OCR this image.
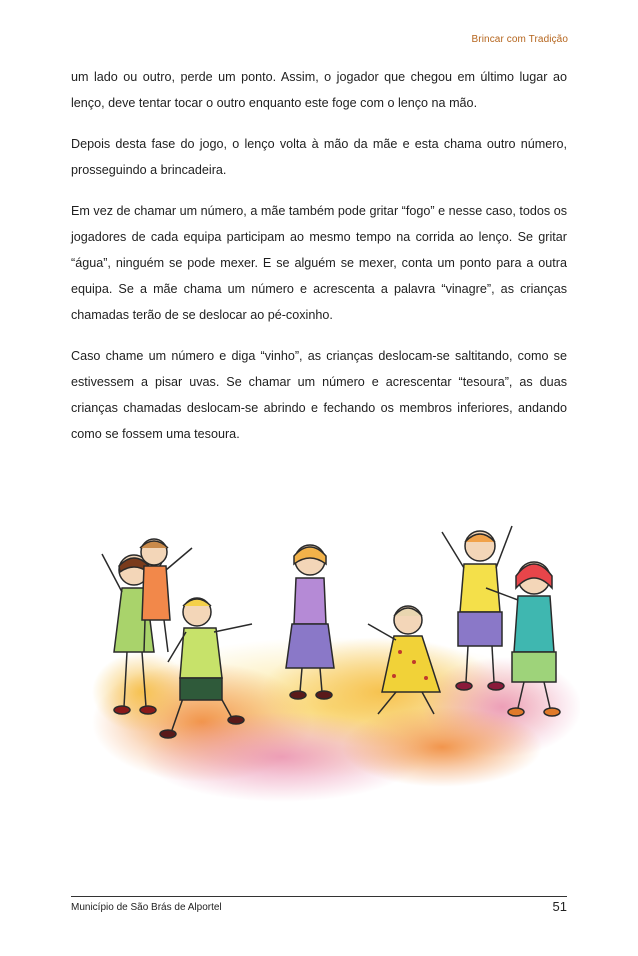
Brincar com Tradição

um lado ou outro, perde um ponto. Assim, o jogador que chegou em último lugar ao lenço, deve tentar tocar o outro enquanto este foge com o lenço na mão.

Depois desta fase do jogo, o lenço volta à mão da mãe e esta chama outro número, prosseguindo a brincadeira.

Em vez de chamar um número, a mãe também pode gritar “fogo” e nesse caso, todos os jogadores de cada equipa participam ao mesmo tempo na corrida ao lenço. Se gritar “água”, ninguém se pode mexer. E se alguém se mexer, conta um ponto para a outra equipa. Se a mãe chama um número e acrescenta a palavra “vinagre”, as crianças chamadas terão de se deslocar ao pé-coxinho.

Caso chame um número e diga “vinho”, as crianças deslocam-se saltitando, como se estivessem a pisar uvas. Se chamar um número e acrescentar “tesoura”, as duas crianças chamadas deslocam-se abrindo e fechando os membros inferiores, andando como se fossem uma tesoura.

Município de São Brás de Alportel	51
